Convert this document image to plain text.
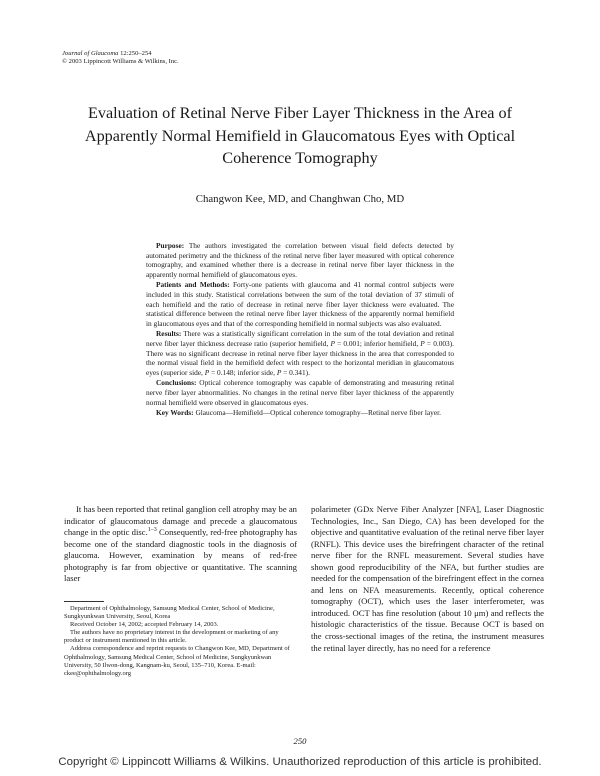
Journal of Glaucoma 12:250–254
© 2003 Lippincott Williams & Wilkins, Inc.
Evaluation of Retinal Nerve Fiber Layer Thickness in the Area of Apparently Normal Hemifield in Glaucomatous Eyes with Optical Coherence Tomography
Changwon Kee, MD, and Changhwan Cho, MD

Purpose: The authors investigated the correlation between visual field defects detected by automated perimetry and the thickness of the retinal nerve fiber layer measured with optical coherence tomography, and examined whether there is a decrease in retinal nerve fiber layer thickness in the apparently normal hemifield of glaucomatous eyes.

Patients and Methods: Forty-one patients with glaucoma and 41 normal control subjects were included in this study. Statistical correlations between the sum of the total deviation of 37 stimuli of each hemifield and the ratio of decrease in retinal nerve fiber layer thickness were evaluated. The statistical difference between the retinal nerve fiber layer thickness of the apparently normal hemifield in glaucomatous eyes and that of the corresponding hemifield in normal subjects was also evaluated.

Results: There was a statistically significant correlation in the sum of the total deviation and retinal nerve fiber layer thickness decrease ratio (superior hemifield, P = 0.001; inferior hemifield, P = 0.003). There was no significant decrease in retinal nerve fiber layer thickness in the area that corresponded to the normal visual field in the hemifield defect with respect to the horizontal meridian in glaucomatous eyes (superior side, P = 0.148; inferior side, P = 0.341).

Conclusions: Optical coherence tomography was capable of demonstrating and measuring retinal nerve fiber layer abnormalities. No changes in the retinal nerve fiber layer thickness of the apparently normal hemifield were observed in glaucomatous eyes.

Key Words: Glaucoma—Hemifield—Optical coherence tomography—Retinal nerve fiber layer.

It has been reported that retinal ganglion cell atrophy may be an indicator of glaucomatous damage and precede a glaucomatous change in the optic disc.$^{1-3}$ Consequently, red-free photography has become one of the standard diagnostic tools in the diagnosis of glaucoma. However, examination by means of red-free photography is far from objective or quantitative. The scanning laser

polarimeter (GDx Nerve Fiber Analyzer [NFA], Laser Diagnostic Technologies, Inc., San Diego, CA) has been developed for the objective and quantitative evaluation of the retinal nerve fiber layer (RNFL). This device uses the birefringent character of the retinal nerve fiber for the RNFL measurement. Several studies have shown good reproducibility of the NFA, but further studies are needed for the compensation of the birefringent effect in the cornea and lens on NFA measurements. Recently, optical coherence tomography (OCT), which uses the laser interferometer, was introduced. OCT has fine resolution (about 10 μm) and reflects the histologic characteristics of the tissue. Because OCT is based on the cross-sectional images of the retina, the instrument measures the retinal layer directly, has no need for a reference

Department of Ophthalmology, Samsung Medical Center, School of Medicine, Sungkyunkwan University, Seoul, Korea

Received October 14, 2002; accepted February 14, 2003.

The authors have no proprietary interest in the development or marketing of any product or instrument mentioned in this article.

Address correspondence and reprint requests to Changwon Kee, MD, Department of Ophthalmology, Samsung Medical Center, School of Medicine, Sungkyunkwan University, 50 Ilwon-dong, Kangnam-ku, Seoul, 135–710, Korea. E-mail: ckee@ophthalmology.org

250
Copyright © Lippincott Williams & Wilkins. Unauthorized reproduction of this article is prohibited.
